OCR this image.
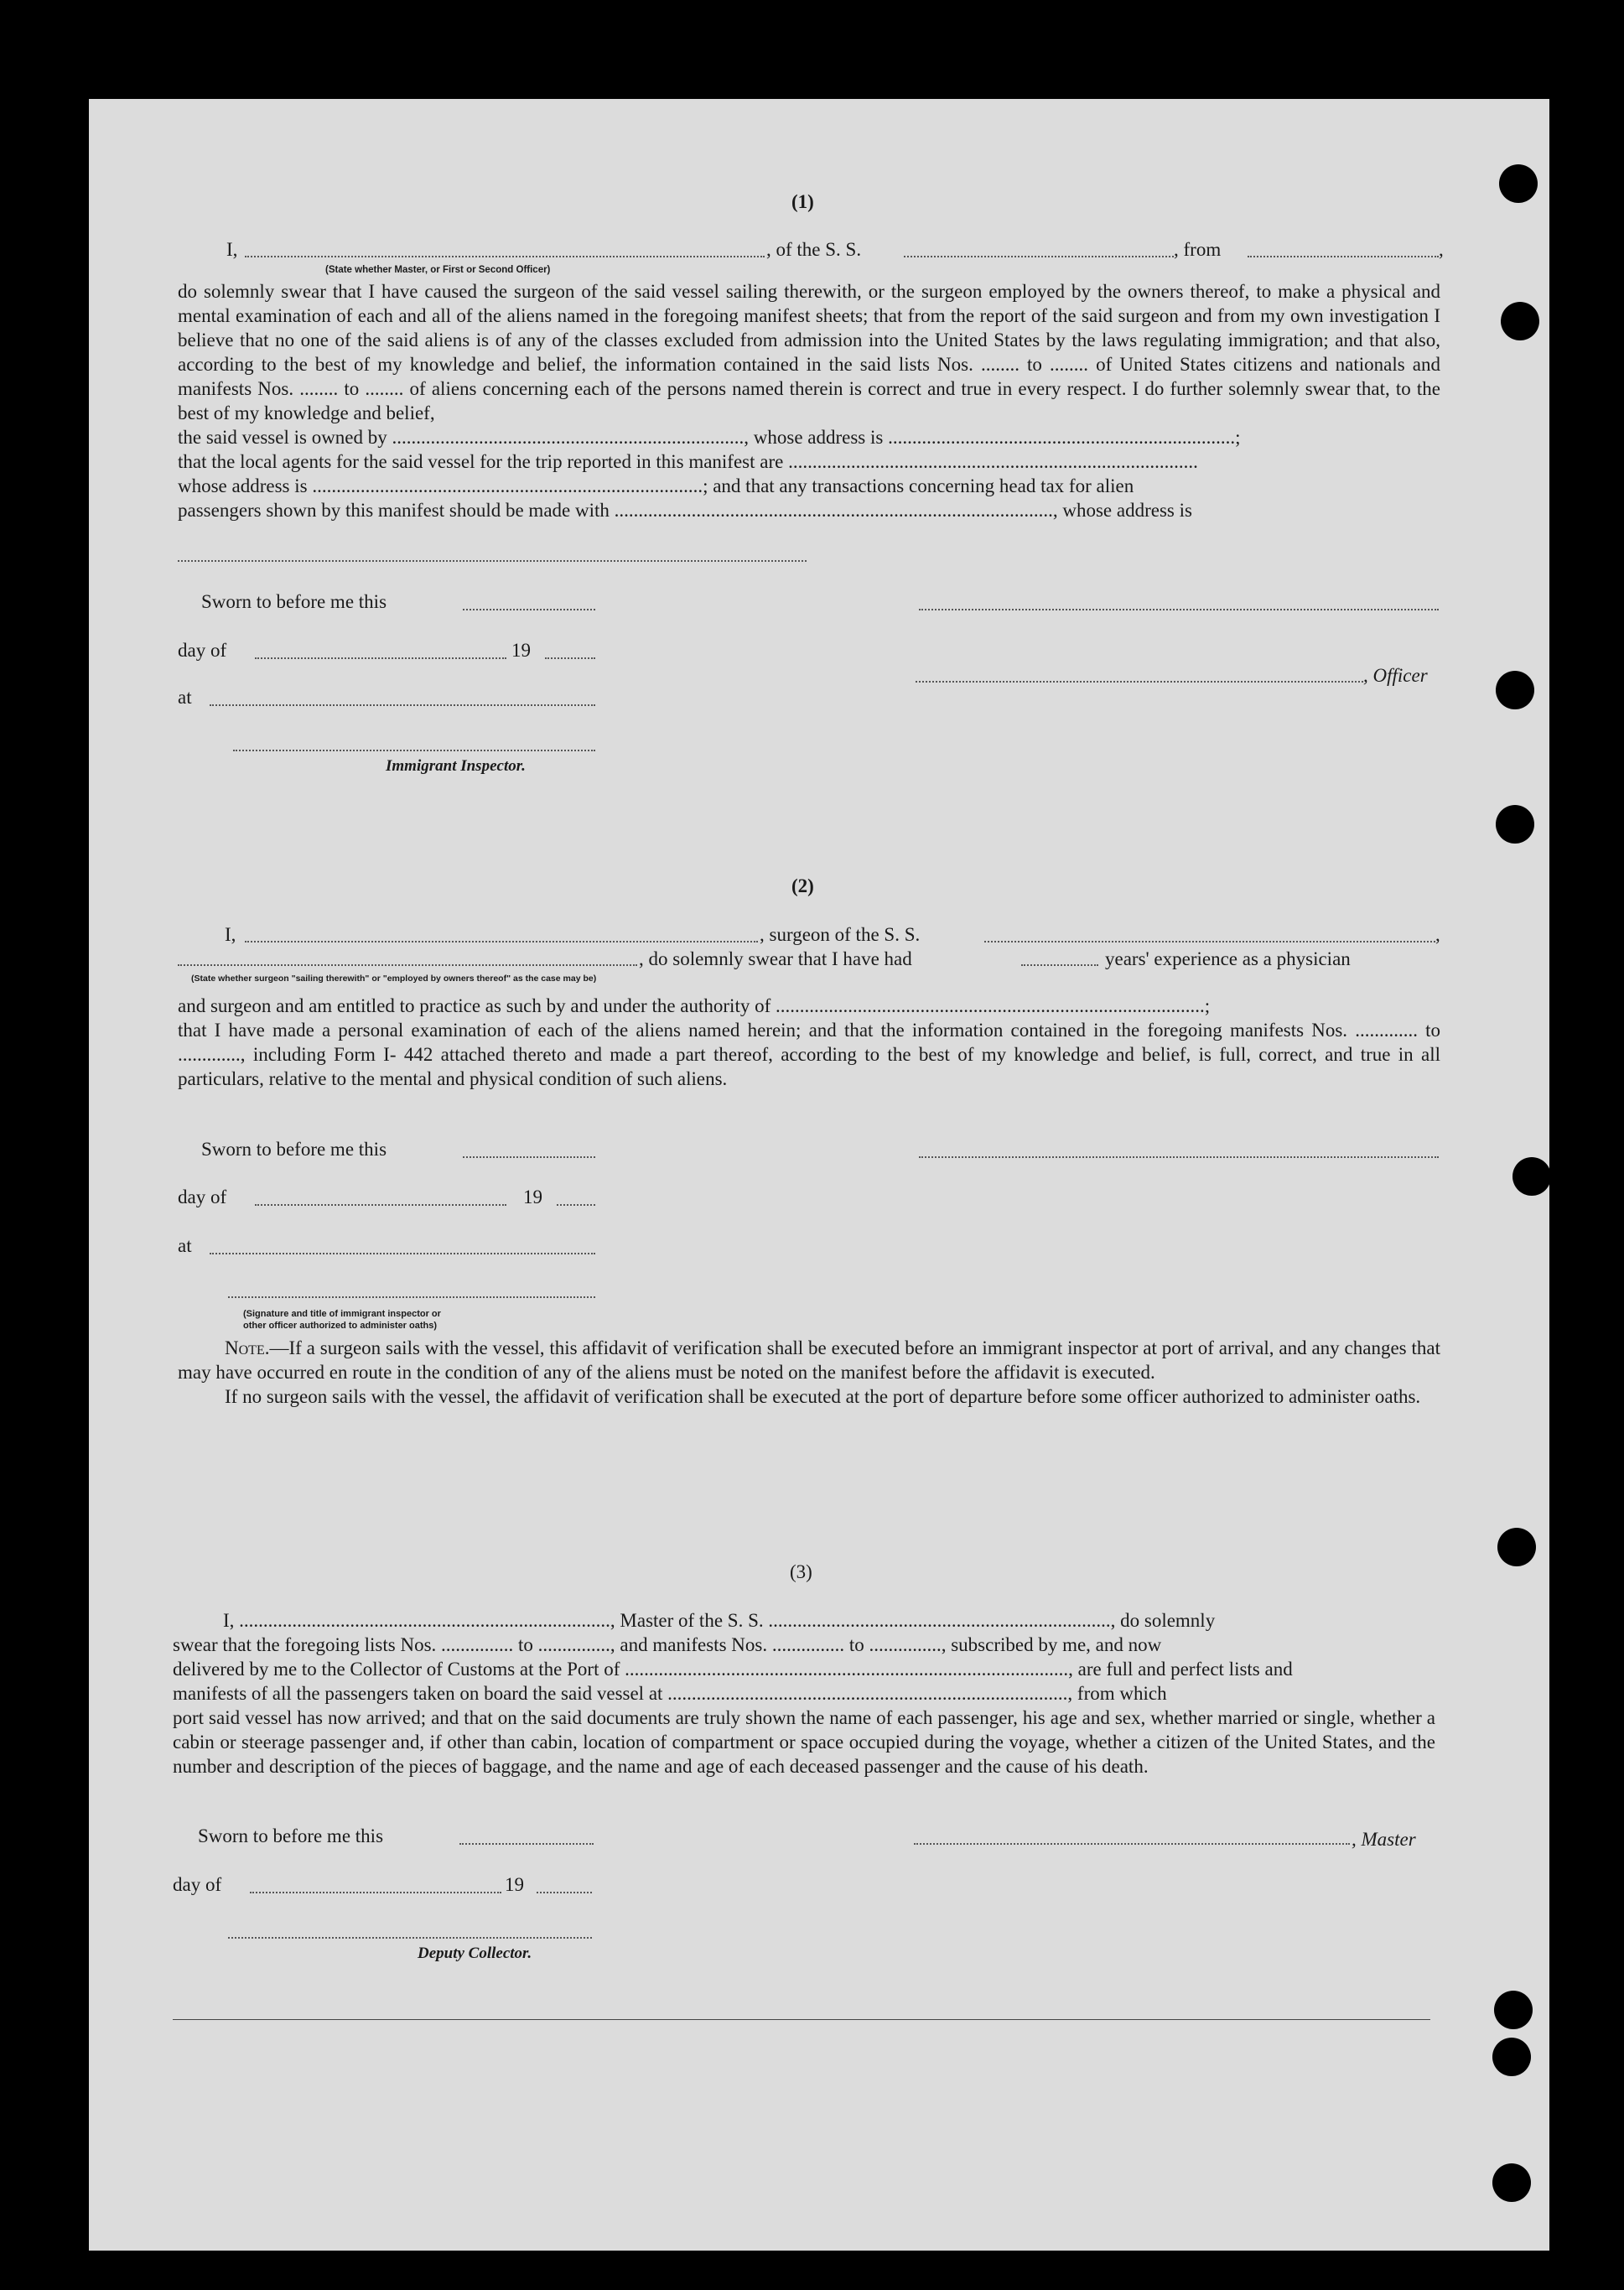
(1)
I,	, of the S. S.	, from	,
(State whether Master, or First or Second Officer)

do solemnly swear that I have caused the surgeon of the said vessel sailing therewith, or the surgeon employed by the owners thereof, to make a physical and mental examination of each and all of the aliens named in the foregoing manifest sheets; that from the report of the said surgeon and from my own investigation I believe that no one of the said aliens is of any of the classes excluded from admission into the United States by the laws regulating immigration; and that also, according to the best of my knowledge and belief, the information contained in the said lists Nos. ........ to ........ of United States citizens and nationals and manifests Nos. ........ to ........ of aliens concerning each of the persons named therein is correct and true in every respect. I do further solemnly swear that, to the best of my knowledge and belief,

the said vessel is owned by ........................................................................., whose address is ........................................................................;

that the local agents for the said vessel for the trip reported in this manifest are .....................................................................................

whose address is .................................................................................; and that any transactions concerning head tax for alien

passengers shown by this manifest should be made with ..........................................................................................., whose address is

Sworn to before me this
day of	19
, Officer
at
Immigrant Inspector.
(2)
I,	, surgeon of the S. S.	,
, do solemnly swear that I have had	years' experience as a physician
(State whether surgeon "sailing therewith" or "employed by owners thereof" as the case may be)

and surgeon and am entitled to practice as such by and under the authority of .........................................................................................;

that I have made a personal examination of each of the aliens named herein; and that the information contained in the foregoing manifests Nos. ............. to ............., including Form I- 442 attached thereto and made a part thereof, according to the best of my knowledge and belief, is full, correct, and true in all particulars, relative to the mental and physical condition of such aliens.

Sworn to before me this
day of	19
at
(Signature and title of immigrant inspector or
other officer authorized to administer oaths)

Note.—If a surgeon sails with the vessel, this affidavit of verification shall be executed before an immigrant inspector at port of arrival, and any changes that may have occurred en route in the condition of any of the aliens must be noted on the manifest before the affidavit is executed.

If no surgeon sails with the vessel, the affidavit of verification shall be executed at the port of departure before some officer authorized to administer oaths.

(3)

I, ............................................................................., Master of the S. S. ......................................................................., do solemnly

swear that the foregoing lists Nos. ............... to ..............., and manifests Nos. ............... to ..............., subscribed by me, and now

delivered by me to the Collector of Customs at the Port of ............................................................................................, are full and perfect lists and

manifests of all the passengers taken on board the said vessel at ..................................................................................., from which

port said vessel has now arrived; and that on the said documents are truly shown the name of each passenger, his age and sex, whether married or single, whether a cabin or steerage passenger and, if other than cabin, location of compartment or space occupied during the voyage, whether a citizen of the United States, and the number and description of the pieces of baggage, and the name and age of each deceased passenger and the cause of his death.

Sworn to before me this	, Master
day of	19
Deputy Collector.
